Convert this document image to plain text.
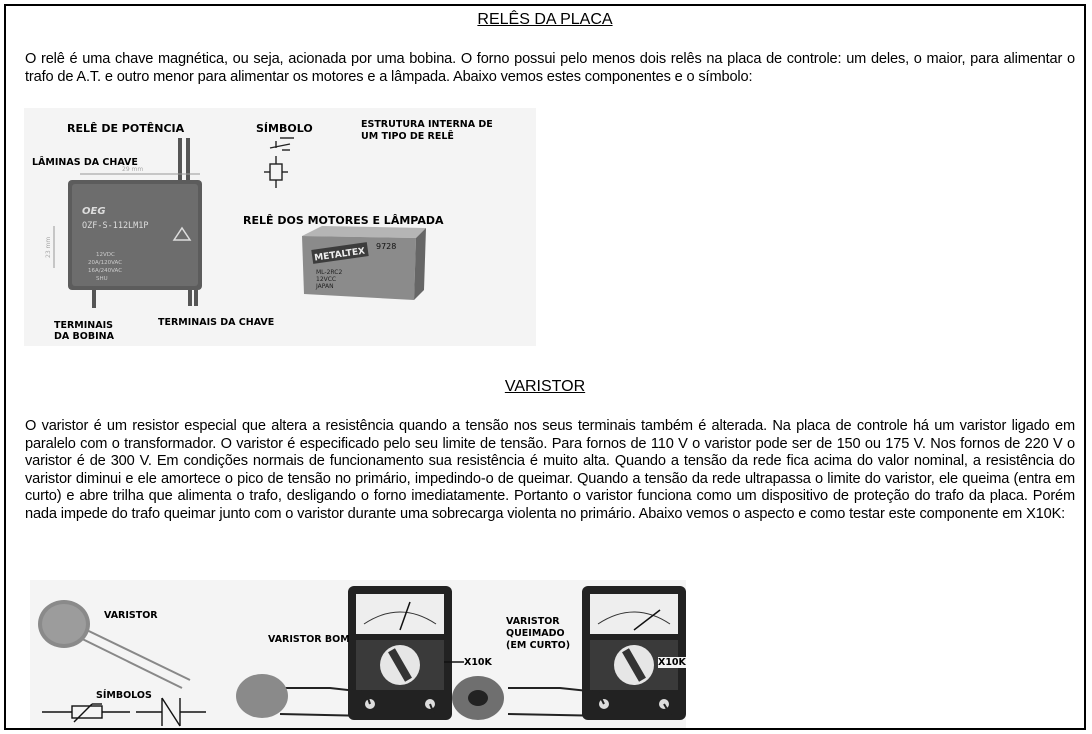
RELÊS DA PLACA
O relê é uma chave magnética, ou seja, acionada por uma bobina. O forno possui pelo menos dois relês na placa de controle: um deles, o maior, para alimentar o trafo de A.T. e outro menor para alimentar os motores e a lâmpada. Abaixo vemos estes componentes e o símbolo:
OEG
OZF-S-112LM1P
29 mm
23 mm	12VDC
20A/120VAC
16A/240VAC
SHU
METALTEX
9728
ML-2RC2
12VCC
JAPAN
RELÊ DE POTÊNCIA	SÍMBOLO	ESTRUTURA INTERNA DE
UM TIPO DE RELÊ
LÂMINAS DA CHAVE
RELÊ DOS MOTORES E LÂMPADA
TERMINAIS
DA BOBINA
TERMINAIS DA CHAVE
VARISTOR
O varistor é um resistor especial que altera a resistência quando a tensão nos seus terminais também é alterada. Na placa de controle há um varistor ligado em paralelo com o transformador. O varistor é especificado pelo seu limite de tensão. Para fornos de 110 V o varistor pode ser de 150 ou 175 V. Nos fornos de 220 V o varistor é de 300 V. Em condições normais de funcionamento sua resistência é muito alta. Quando a tensão da rede fica acima do valor nominal, a resistência do varistor diminui e ele amortece o pico de tensão no primário, impedindo-o de queimar. Quando a tensão da rede ultrapassa o limite do varistor, ele queima (entra em curto) e abre trilha que alimenta o trafo, desligando o forno imediatamente. Portanto o varistor funciona como um dispositivo de proteção do trafo da placa. Porém nada impede do trafo queimar junto com o varistor durante uma sobrecarga violenta no primário. Abaixo vemos o aspecto e como testar este componente em X10K:
VARISTOR
SÍMBOLOS
VARISTOR BOM
X10K
VARISTOR
QUEIMADO
(EM CURTO)
X10K
